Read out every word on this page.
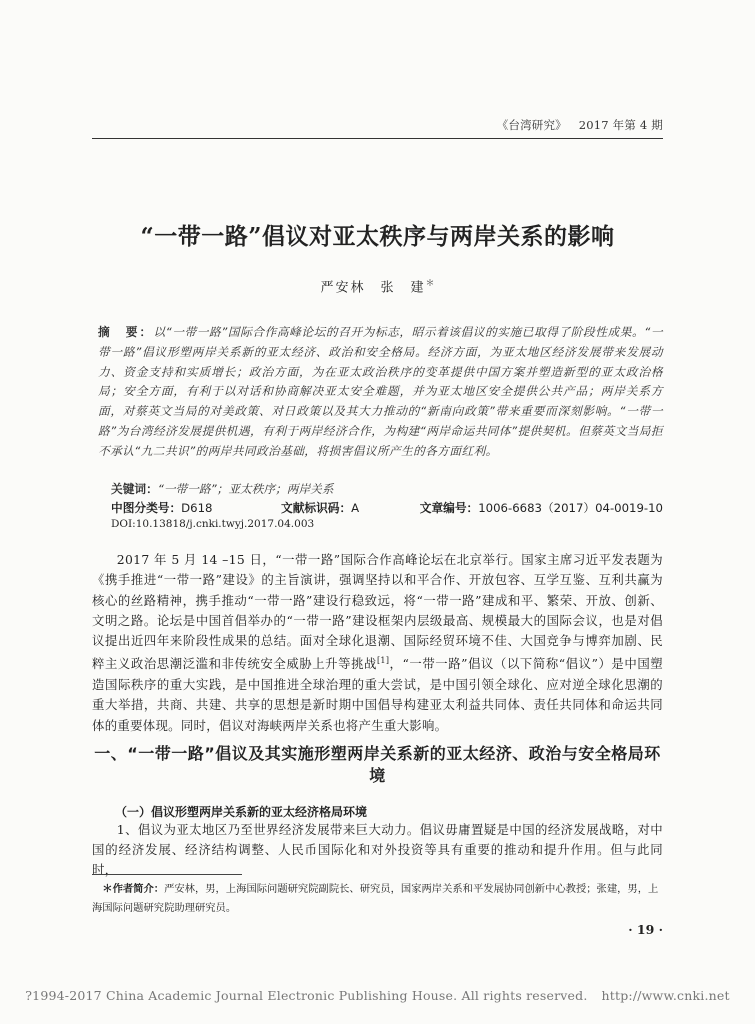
《台湾研究》 2017 年第 4 期
“一带一路”倡议对亚太秩序与两岸关系的影响
严安林　张　建＊
摘　要：以“一带一路”国际合作高峰论坛的召开为标志，昭示着该倡议的实施已取得了阶段性成果。“一带一路”倡议形塑两岸关系新的亚太经济、政治和安全格局。经济方面，为亚太地区经济发展带来发展动力、资金支持和实质增长；政治方面，为在亚太政治秩序的变革提供中国方案并塑造新型的亚太政治格局；安全方面，有利于以对话和协商解决亚太安全难题，并为亚太地区安全提供公共产品；两岸关系方面，对蔡英文当局的对美政策、对日政策以及其大力推动的“新南向政策”带来重要而深刻影响。“一带一路”为台湾经济发展提供机遇，有利于两岸经济合作，为构建“两岸命运共同体”提供契机。但蔡英文当局拒不承认“九二共识”的两岸共同政治基础，将损害倡议所产生的各方面红利。
关键词：“一带一路”；亚太秩序；两岸关系
中图分类号：D618	文献标识码：A	文章编号：1006-6683（2017）04-0019-10
DOI:10.13818/j.cnki.twyj.2017.04.003
2017 年 5 月 14 –15 日，“一带一路”国际合作高峰论坛在北京举行。国家主席习近平发表题为《携手推进“一带一路”建设》的主旨演讲，强调坚持以和平合作、开放包容、互学互鉴、互利共赢为核心的丝路精神，携手推动“一带一路”建设行稳致远，将“一带一路”建成和平、繁荣、开放、创新、文明之路。论坛是中国首倡举办的“一带一路”建设框架内层级最高、规模最大的国际会议，也是对倡议提出近四年来阶段性成果的总结。面对全球化退潮、国际经贸环境不佳、大国竞争与博弈加剧、民粹主义政治思潮泛滥和非传统安全威胁上升等挑战[1]，“一带一路”倡议（以下简称“倡议”）是中国塑造国际秩序的重大实践，是中国推进全球治理的重大尝试，是中国引领全球化、应对逆全球化思潮的重大举措，共商、共建、共享的思想是新时期中国倡导构建亚太利益共同体、责任共同体和命运共同体的重要体现。同时，倡议对海峡两岸关系也将产生重大影响。
一、“一带一路”倡议及其实施形塑两岸关系新的亚太经济、政治与安全格局环境
（一）倡议形塑两岸关系新的亚太经济格局环境
1、倡议为亚太地区乃至世界经济发展带来巨大动力。倡议毋庸置疑是中国的经济发展战略，对中国的经济发展、经济结构调整、人民币国际化和对外投资等具有重要的推动和提升作用。但与此同时，
＊作者简介：严安林，男，上海国际问题研究院副院长、研究员，国家两岸关系和平发展协同创新中心教授；张建，男，上海国际问题研究院助理研究员。
· 19 ·
?1994-2017 China Academic Journal Electronic Publishing House. All rights reserved. http://www.cnki.net
